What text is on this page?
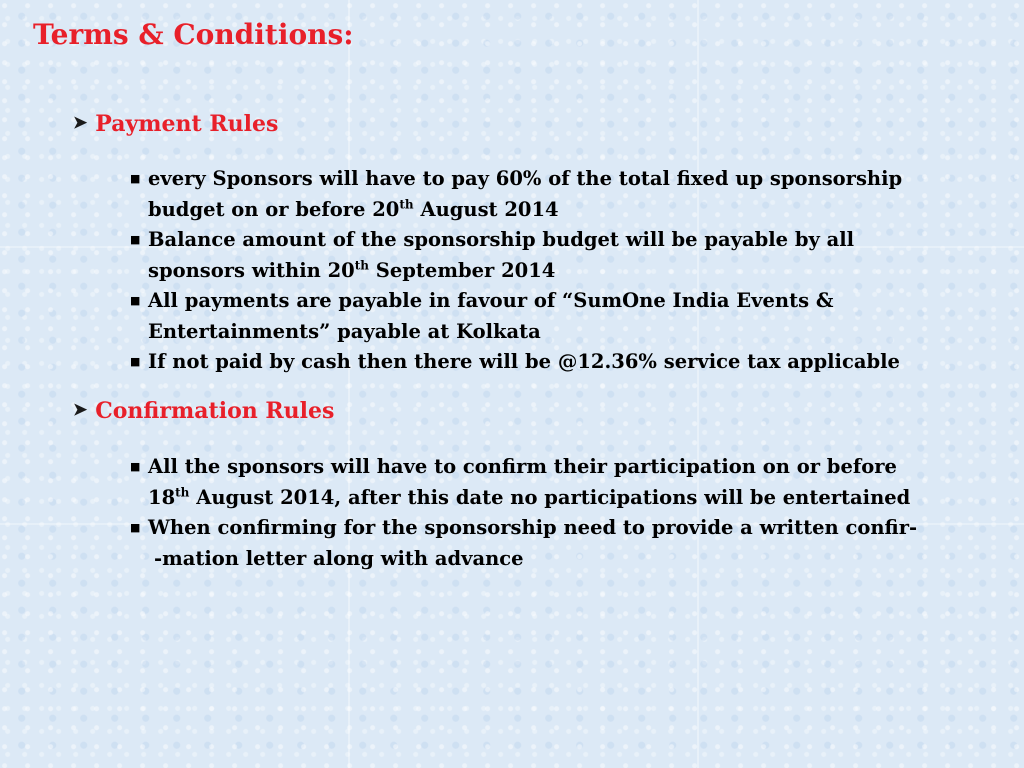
Terms & Conditions:
➤ Payment Rules
■ every Sponsors will have to pay 60% of the total fixed up sponsorship
budget on or before 20th August 2014
■ Balance amount of the sponsorship budget will be payable by all
sponsors within 20th September 2014
■ All payments are payable in favour of “SumOne India Events &
Entertainments” payable at Kolkata
■ If not paid by cash then there will be @12.36% service tax applicable
➤ Confirmation Rules
■ All the sponsors will have to confirm their participation on or before
18th August 2014, after this date no participations will be entertained
■ When confirming for the sponsorship need to provide a written confir-
-mation letter along with advance
